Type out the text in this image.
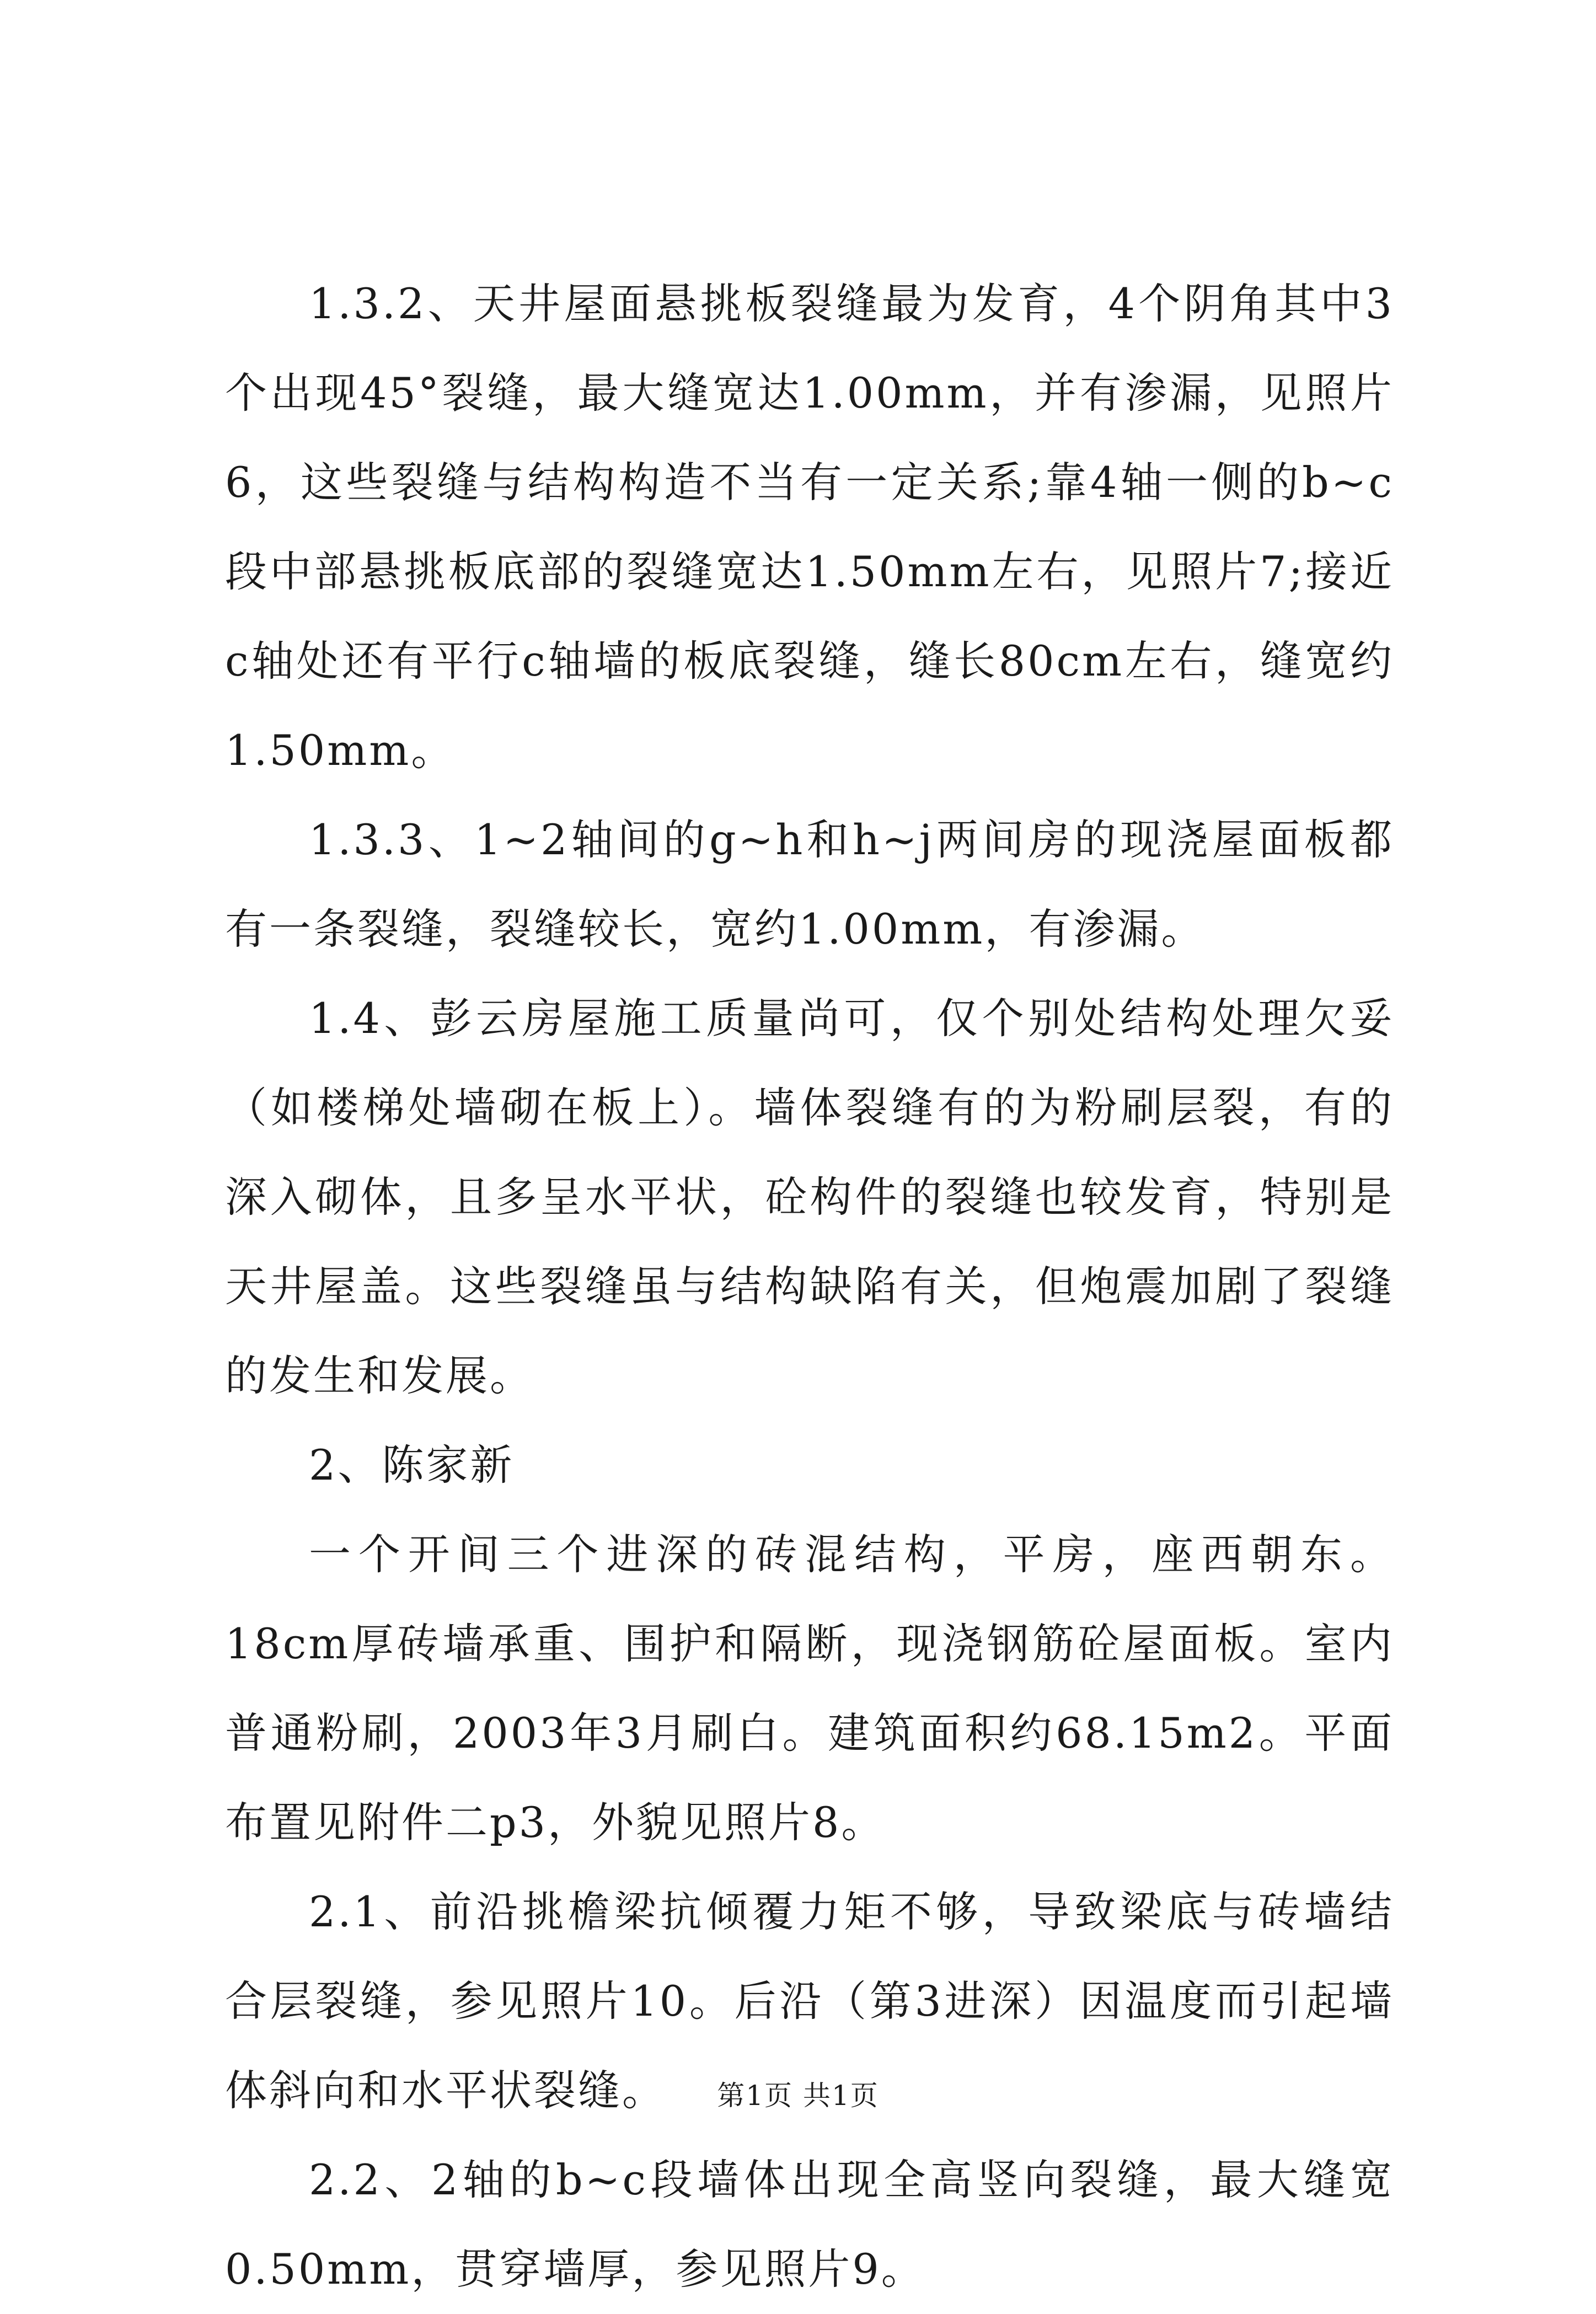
1.3.2、天井屋面悬挑板裂缝最为发育，4个阴角其中3个出现45°裂缝，最大缝宽达1.00mm，并有渗漏，见照片6，这些裂缝与结构构造不当有一定关系;靠4轴一侧的b~c段中部悬挑板底部的裂缝宽达1.50mm左右，见照片7;接近c轴处还有平行c轴墙的板底裂缝，缝长80cm左右，缝宽约1.50mm。

1.3.3、1~2轴间的g~h和h~j两间房的现浇屋面板都有一条裂缝，裂缝较长，宽约1.00mm，有渗漏。

1.4、彭云房屋施工质量尚可，仅个别处结构处理欠妥（如楼梯处墙砌在板上）。墙体裂缝有的为粉刷层裂，有的深入砌体，且多呈水平状，砼构件的裂缝也较发育，特别是天井屋盖。这些裂缝虽与结构缺陷有关，但炮震加剧了裂缝的发生和发展。

2、陈家新

一个开间三个进深的砖混结构，平房，座西朝东。18cm厚砖墙承重、围护和隔断，现浇钢筋砼屋面板。室内普通粉刷，2003年3月刷白。建筑面积约68.15m2。平面布置见附件二p3，外貌见照片8。

2.1、前沿挑檐梁抗倾覆力矩不够，导致梁底与砖墙结合层裂缝，参见照片10。后沿（第3进深）因温度而引起墙体斜向和水平状裂缝。

2.2、2轴的b~c段墙体出现全高竖向裂缝，最大缝宽0.50mm，贯穿墙厚，参见照片9。

第1页 共1页
